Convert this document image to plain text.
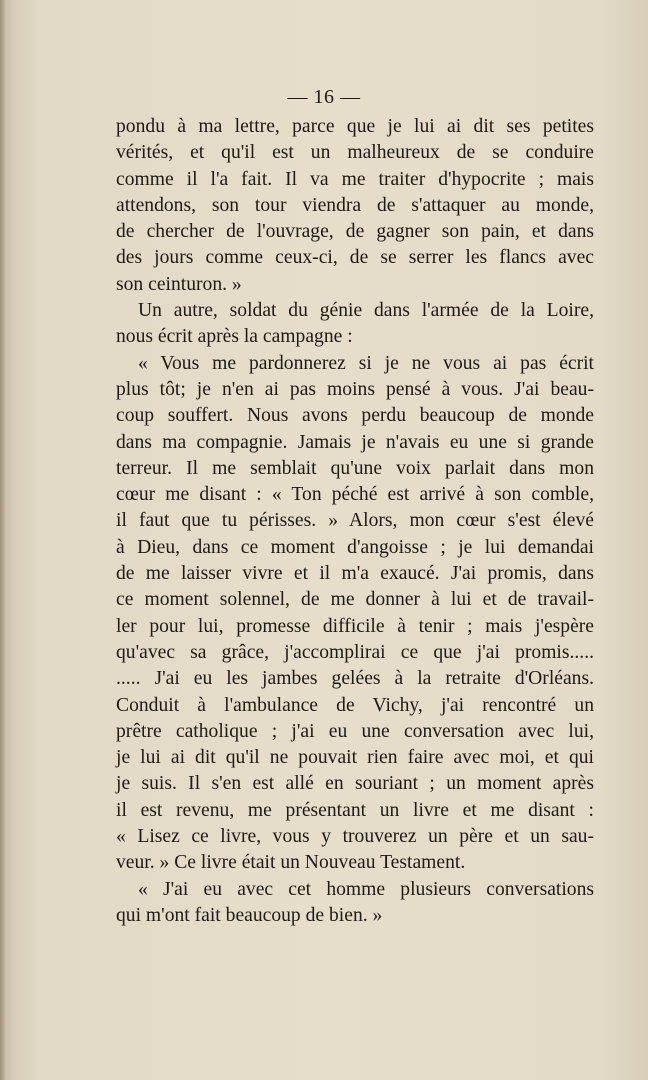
— 16 —
pondu à ma lettre, parce que je lui ai dit ses petites
vérités, et qu'il est un malheureux de se conduire
comme il l'a fait. Il va me traiter d'hypocrite ; mais
attendons, son tour viendra de s'attaquer au monde,
de chercher de l'ouvrage, de gagner son pain, et dans
des jours comme ceux-ci, de se serrer les flancs avec
son ceinturon. »
Un autre, soldat du génie dans l'armée de la Loire,
nous écrit après la campagne :
« Vous me pardonnerez si je ne vous ai pas écrit
plus tôt; je n'en ai pas moins pensé à vous. J'ai beau-
coup souffert. Nous avons perdu beaucoup de monde
dans ma compagnie. Jamais je n'avais eu une si grande
terreur. Il me semblait qu'une voix parlait dans mon
cœur me disant : « Ton péché est arrivé à son comble,
il faut que tu périsses. » Alors, mon cœur s'est élevé
à Dieu, dans ce moment d'angoisse ; je lui demandai
de me laisser vivre et il m'a exaucé. J'ai promis, dans
ce moment solennel, de me donner à lui et de travail-
ler pour lui, promesse difficile à tenir ; mais j'espère
qu'avec sa grâce, j'accomplirai ce que j'ai promis.....
..... J'ai eu les jambes gelées à la retraite d'Orléans.
Conduit à l'ambulance de Vichy, j'ai rencontré un
prêtre catholique ; j'ai eu une conversation avec lui,
je lui ai dit qu'il ne pouvait rien faire avec moi, et qui
je suis. Il s'en est allé en souriant ; un moment après
il est revenu, me présentant un livre et me disant :
« Lisez ce livre, vous y trouverez un père et un sau-
veur. » Ce livre était un Nouveau Testament.
« J'ai eu avec cet homme plusieurs conversations
qui m'ont fait beaucoup de bien. »
